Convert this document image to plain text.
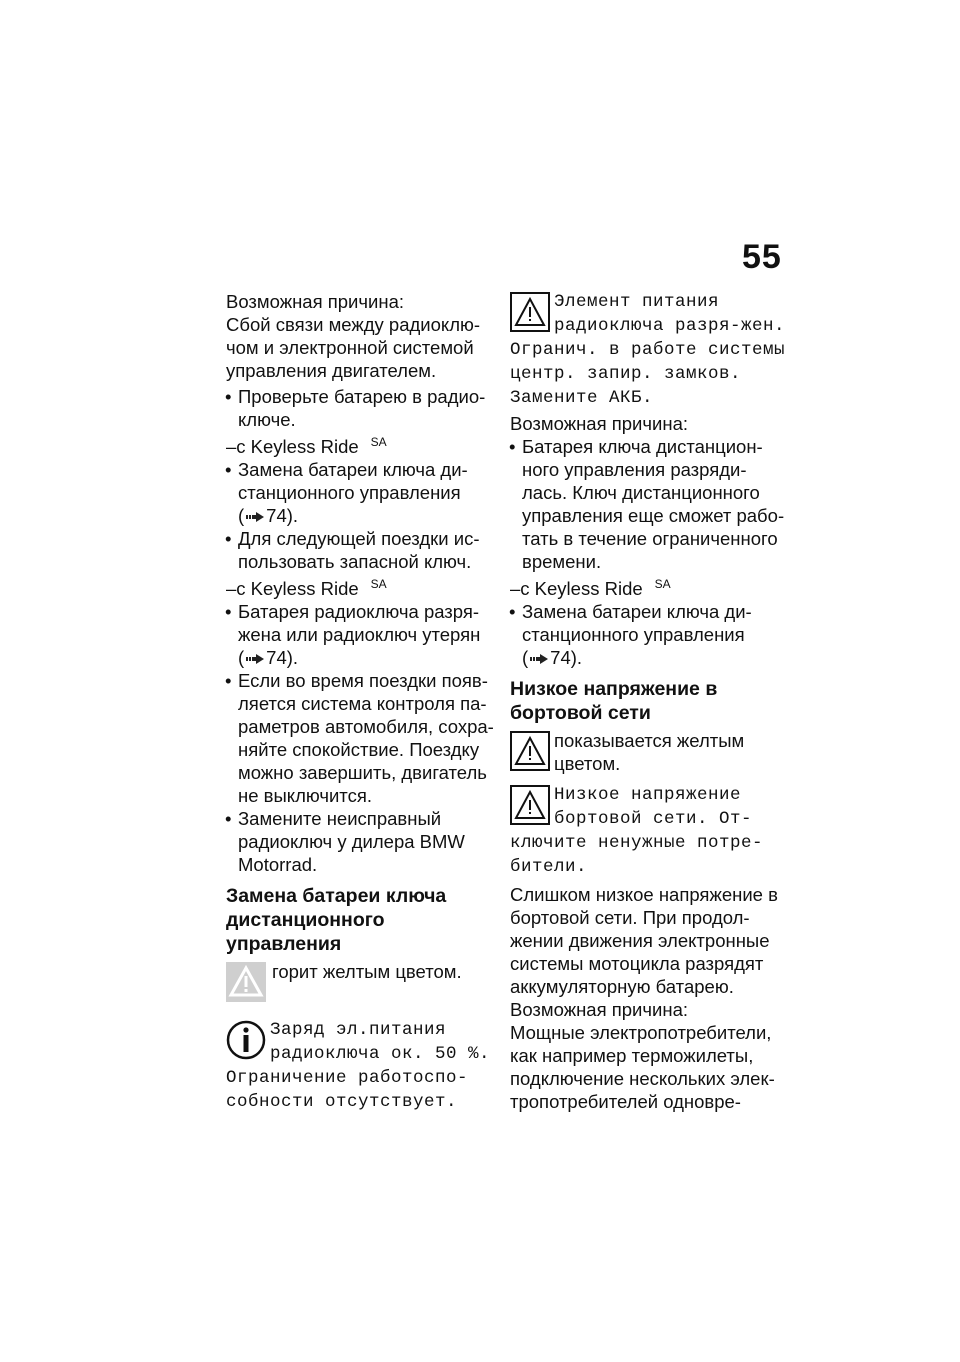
55

Возможная причина:

Сбой связи между радиоклю-чом и электронной системой управления двигателем.

• Проверьте батарею в радио-ключе.
–с Keyless Ride $^{SA}$
• Замена батареи ключа ди-станционного управления
( 74).
• Для следующей поездки ис-пользовать запасной ключ.
–с Keyless Ride $^{SA}$
• Батарея радиоключа разря-жена или радиоключ утерян
( 74).
• Если во время поездки появ-ляется система контроля па-раметров автомобиля, сохра-няйте спокойствие. Поездку можно завершить, двигатель не выключится.
• Замените неисправный радиоключ у дилера BMW Motorrad.
Замена батареи ключа дистанционного управления
горит желтым цветом.
Заряд эл.питания радиоключа ок. 50 %. Ограничение работоспо-собности отсутствует.
Элемент питания радиоключа разря-жен. Огранич. в работе системы центр. запир. замков. Замените АКБ.

Возможная причина:

• Батарея ключа дистанцион-ного управления разряди-лась. Ключ дистанционного управления еще сможет рабо-тать в течение ограниченного времени.
–с Keyless Ride $^{SA}$
• Замена батареи ключа ди-станционного управления
( 74).
Низкое напряжение в бортовой сети
показывается желтым цветом.
Низкое напряжение бортовой сети. От-ключите ненужные потре-бители.

Слишком низкое напряжение в бортовой сети. При продол-жении движения электронные системы мотоцикла разрядят аккумуляторную батарею.

Возможная причина:

Мощные электропотребители, как например терможилеты, подключение нескольких элек-тропотребителей одновре-
